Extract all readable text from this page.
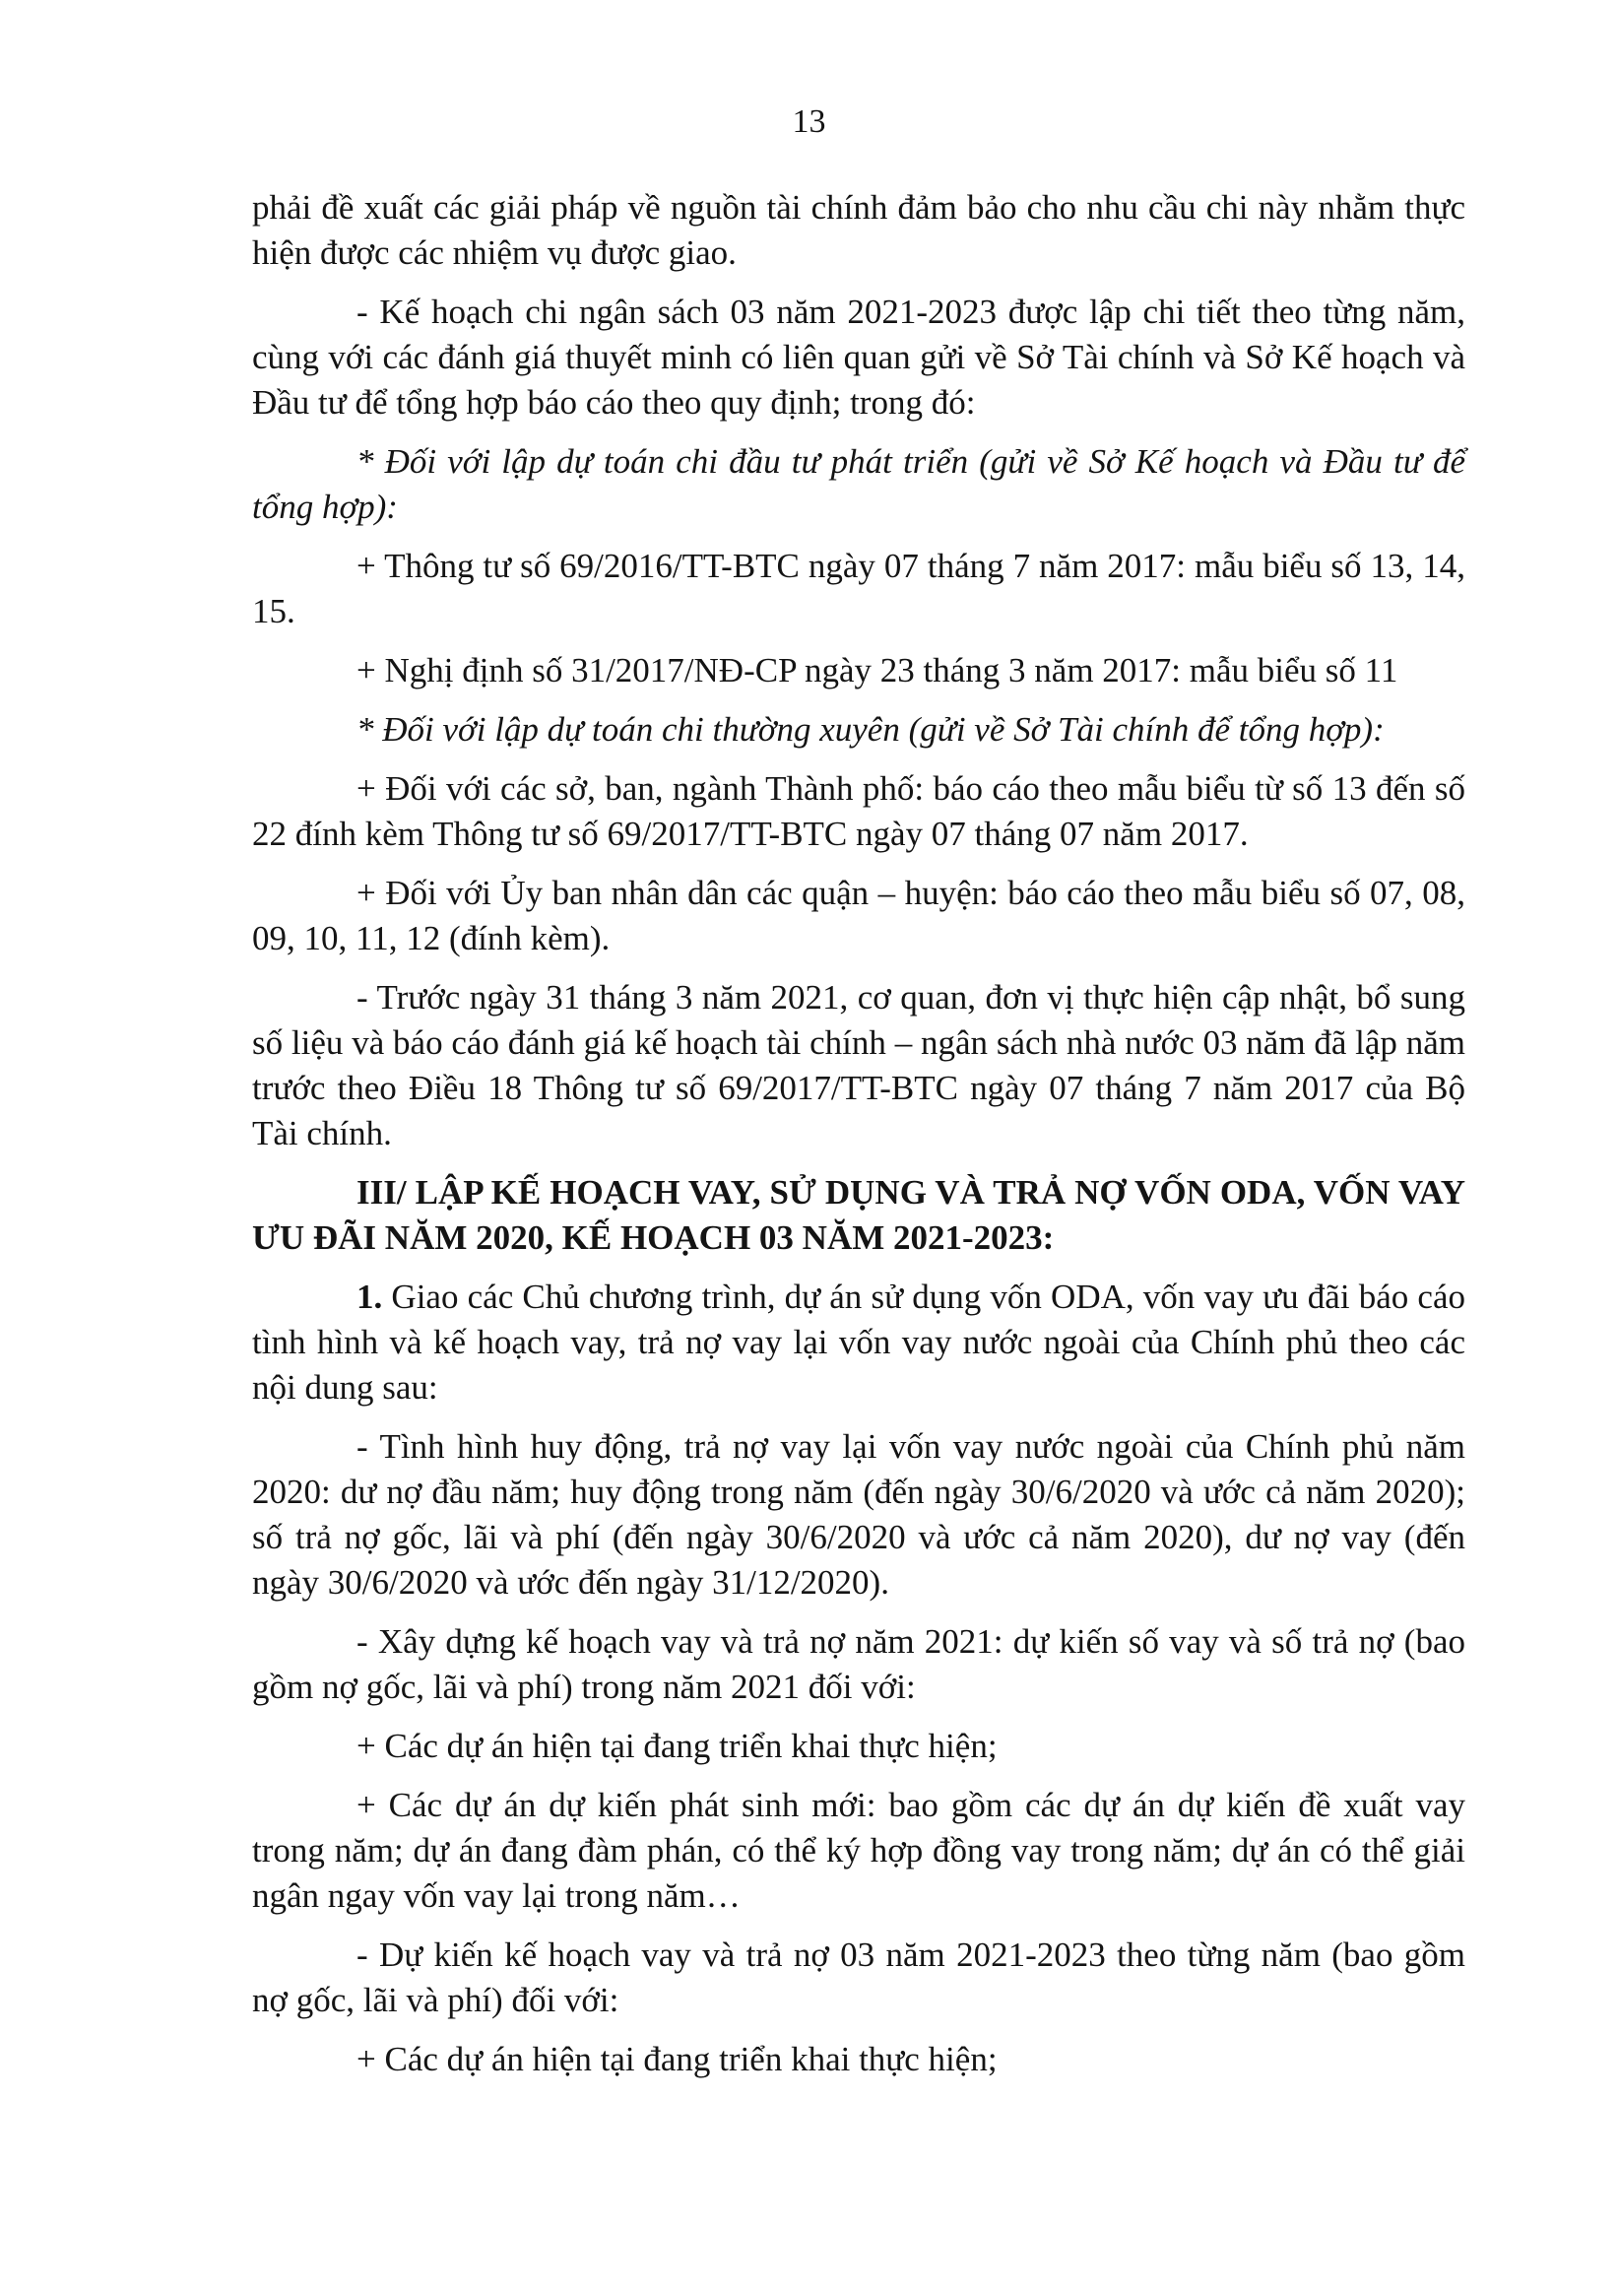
13

phải đề xuất các giải pháp về nguồn tài chính đảm bảo cho nhu cầu chi này nhằm thực hiện được các nhiệm vụ được giao.

- Kế hoạch chi ngân sách 03 năm 2021-2023 được lập chi tiết theo từng năm, cùng với các đánh giá thuyết minh có liên quan gửi về Sở Tài chính và Sở Kế hoạch và Đầu tư để tổng hợp báo cáo theo quy định; trong đó:

* Đối với lập dự toán chi đầu tư phát triển (gửi về Sở Kế hoạch và Đầu tư để tổng hợp):

+ Thông tư số 69/2016/TT-BTC ngày 07 tháng 7 năm 2017: mẫu biểu số 13, 14, 15.

+ Nghị định số 31/2017/NĐ-CP ngày 23 tháng 3 năm 2017: mẫu biểu số 11

* Đối với lập dự toán chi thường xuyên (gửi về Sở Tài chính để tổng hợp):

+ Đối với các sở, ban, ngành Thành phố: báo cáo theo mẫu biểu từ số 13 đến số 22 đính kèm Thông tư số 69/2017/TT-BTC ngày 07 tháng 07 năm 2017.

+ Đối với Ủy ban nhân dân các quận – huyện: báo cáo theo mẫu biểu số 07, 08, 09, 10, 11, 12 (đính kèm).

- Trước ngày 31 tháng 3 năm 2021, cơ quan, đơn vị thực hiện cập nhật, bổ sung số liệu và báo cáo đánh giá kế hoạch tài chính – ngân sách nhà nước 03 năm đã lập năm trước theo Điều 18 Thông tư số 69/2017/TT-BTC ngày 07 tháng 7 năm 2017 của Bộ Tài chính.

III/ LẬP KẾ HOẠCH VAY, SỬ DỤNG VÀ TRẢ NỢ VỐN ODA, VỐN VAY ƯU ĐÃI NĂM 2020, KẾ HOẠCH 03 NĂM 2021-2023:

1. Giao các Chủ chương trình, dự án sử dụng vốn ODA, vốn vay ưu đãi báo cáo tình hình và kế hoạch vay, trả nợ vay lại vốn vay nước ngoài của Chính phủ theo các nội dung sau:

- Tình hình huy động, trả nợ vay lại vốn vay nước ngoài của Chính phủ năm 2020: dư nợ đầu năm; huy động trong năm (đến ngày 30/6/2020 và ước cả năm 2020); số trả nợ gốc, lãi và phí (đến ngày 30/6/2020 và ước cả năm 2020), dư nợ vay (đến ngày 30/6/2020 và ước đến ngày 31/12/2020).

- Xây dựng kế hoạch vay và trả nợ năm 2021: dự kiến số vay và số trả nợ (bao gồm nợ gốc, lãi và phí) trong năm 2021 đối với:

+ Các dự án hiện tại đang triển khai thực hiện;

+ Các dự án dự kiến phát sinh mới: bao gồm các dự án dự kiến đề xuất vay trong năm; dự án đang đàm phán, có thể ký hợp đồng vay trong năm; dự án có thể giải ngân ngay vốn vay lại trong năm…

- Dự kiến kế hoạch vay và trả nợ 03 năm 2021-2023 theo từng năm (bao gồm nợ gốc, lãi và phí) đối với:

+ Các dự án hiện tại đang triển khai thực hiện;
